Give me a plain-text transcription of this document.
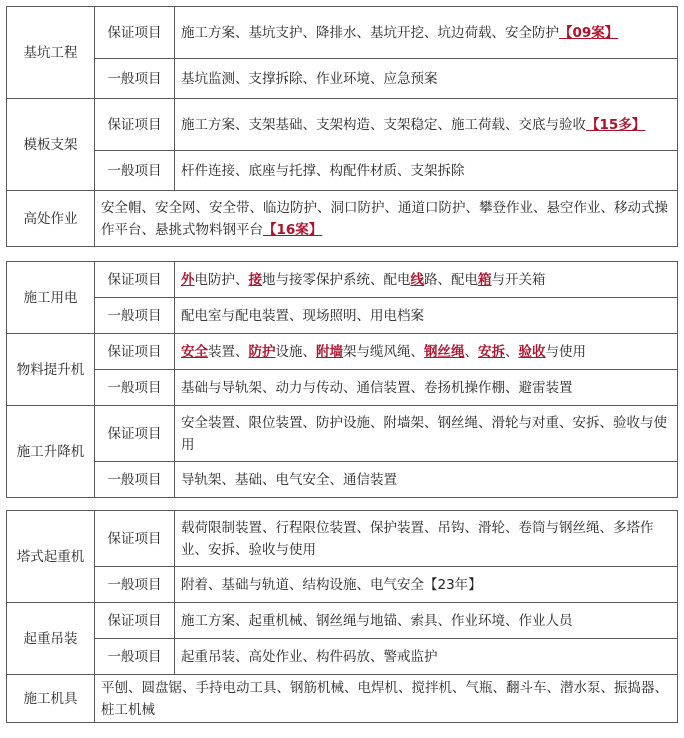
基坑工程	保证项目	施工方案、基坑支护、降排水、基坑开挖、坑边荷载、安全防护【09案】
	一般项目	基坑监测、支撑拆除、作业环境、应急预案
模板支架	保证项目	施工方案、支架基础、支架构造、支架稳定、施工荷载、交底与验收【15多】
	一般项目	杆件连接、底座与托撑、构配件材质、支架拆除
高处作业	安全帽、安全网、安全带、临边防护、洞口防护、通道口防护、攀登作业、悬空作业、移动式操作平台、悬挑式物料钢平台【16案】	
施工用电	保证项目	外电防护、接地与接零保护系统、配电线路、配电箱与开关箱
	一般项目	配电室与配电装置、现场照明、用电档案
物料提升机	保证项目	安全装置、防护设施、附墙架与缆风绳、钢丝绳、安拆、验收与使用
	一般项目	基础与导轨架、动力与传动、通信装置、卷扬机操作棚、避雷装置
施工升降机	保证项目	安全装置、限位装置、防护设施、附墙架、钢丝绳、滑轮与对重、安拆、验收与使用
	一般项目	导轨架、基础、电气安全、通信装置
塔式起重机	保证项目	载荷限制装置、行程限位装置、保护装置、吊钩、滑轮、卷筒与钢丝绳、多塔作业、安拆、验收与使用
	一般项目	附着、基础与轨道、结构设施、电气安全【23年】
起重吊装	保证项目	施工方案、起重机械、钢丝绳与地锚、索具、作业环境、作业人员
	一般项目	起重吊装、高处作业、构件码放、警戒监护
施工机具	平刨、圆盘锯、手持电动工具、钢筋机械、电焊机、搅拌机、气瓶、翻斗车、潜水泵、振捣器、桩工机械	
